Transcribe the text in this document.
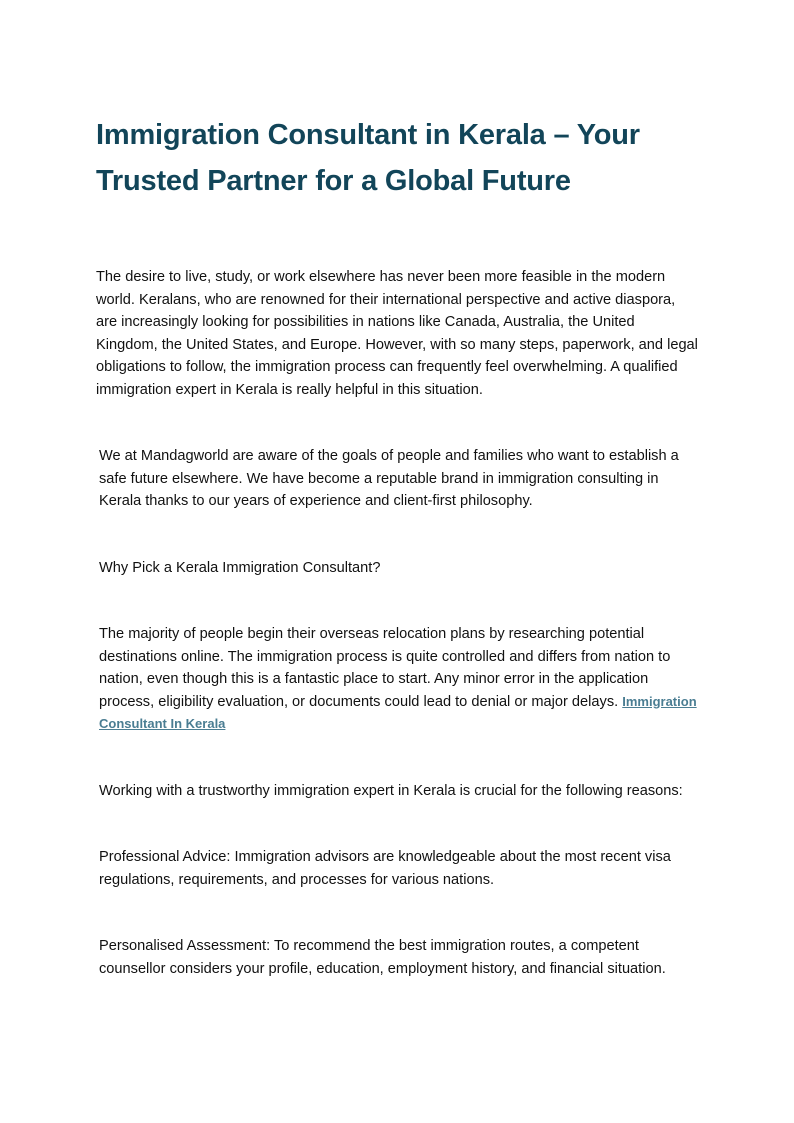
Immigration Consultant in Kerala – Your Trusted Partner for a Global Future

The desire to live, study, or work elsewhere has never been more feasible in the modern world. Keralans, who are renowned for their international perspective and active diaspora, are increasingly looking for possibilities in nations like Canada, Australia, the United Kingdom, the United States, and Europe. However, with so many steps, paperwork, and legal obligations to follow, the immigration process can frequently feel overwhelming. A qualified immigration expert in Kerala is really helpful in this situation.

We at Mandagworld are aware of the goals of people and families who want to establish a safe future elsewhere. We have become a reputable brand in immigration consulting in Kerala thanks to our years of experience and client-first philosophy.

Why Pick a Kerala Immigration Consultant?

The majority of people begin their overseas relocation plans by researching potential destinations online. The immigration process is quite controlled and differs from nation to nation, even though this is a fantastic place to start. Any minor error in the application process, eligibility evaluation, or documents could lead to denial or major delays. Immigration Consultant In Kerala

Working with a trustworthy immigration expert in Kerala is crucial for the following reasons:

Professional Advice: Immigration advisors are knowledgeable about the most recent visa regulations, requirements, and processes for various nations.

Personalised Assessment: To recommend the best immigration routes, a competent counsellor considers your profile, education, employment history, and financial situation.
